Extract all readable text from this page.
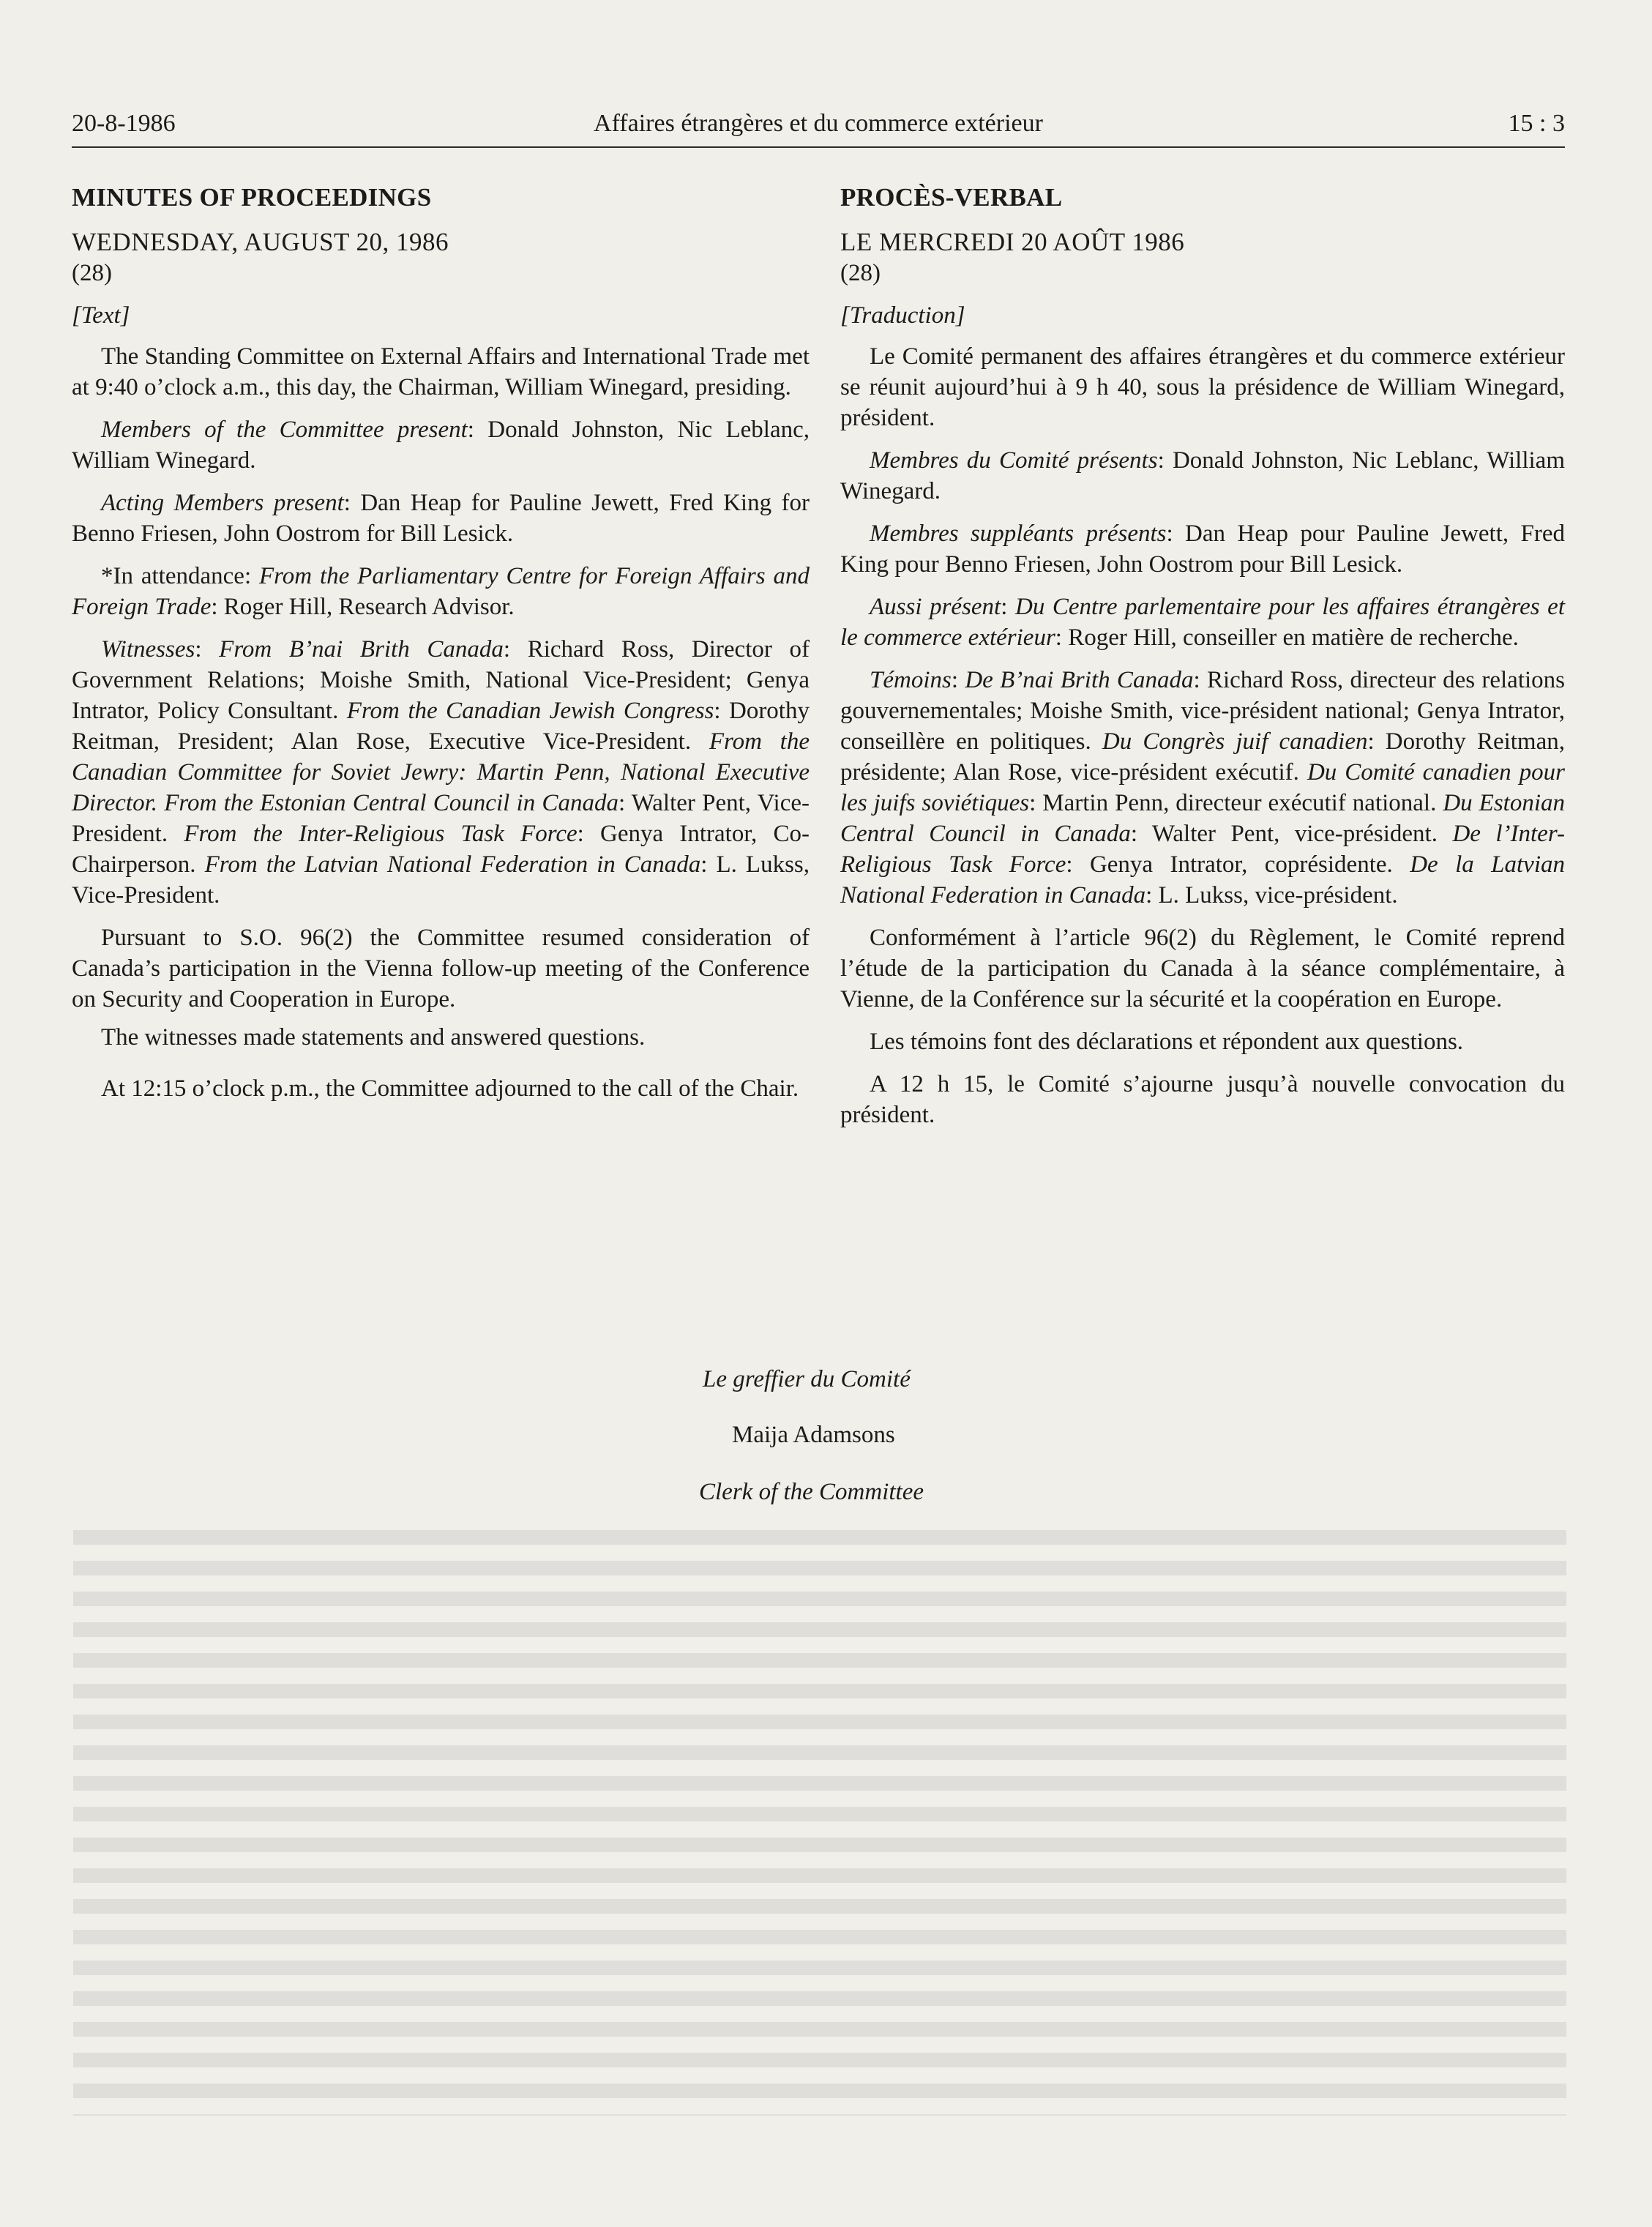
20-8-1986	Affaires étrangères et du commerce extérieur	15 : 3
MINUTES OF PROCEEDINGS

WEDNESDAY, AUGUST 20, 1986

(28)

[Text]

The Standing Committee on External Affairs and International Trade met at 9:40 o’clock a.m., this day, the Chairman, William Winegard, presiding.

Members of the Committee present: Donald Johnston, Nic Leblanc, William Winegard.

Acting Members present: Dan Heap for Pauline Jewett, Fred King for Benno Friesen, John Oostrom for Bill Lesick.

*In attendance: From the Parliamentary Centre for Foreign Affairs and Foreign Trade: Roger Hill, Research Advisor.

Witnesses: From B’nai Brith Canada: Richard Ross, Director of Government Relations; Moishe Smith, National Vice-President; Genya Intrator, Policy Consultant. From the Canadian Jewish Congress: Dorothy Reitman, President; Alan Rose, Executive Vice-President. From the Canadian Committee for Soviet Jewry: Martin Penn, National Executive Director. From the Estonian Central Council in Canada: Walter Pent, Vice-President. From the Inter-Religious Task Force: Genya Intrator, Co-Chairperson. From the Latvian National Federation in Canada: L. Lukss, Vice-President.

Pursuant to S.O. 96(2) the Committee resumed consideration of Canada’s participation in the Vienna follow-up meeting of the Conference on Security and Cooperation in Europe.

The witnesses made statements and answered questions.

At 12:15 o’clock p.m., the Committee adjourned to the call of the Chair.

PROCÈS-VERBAL

LE MERCREDI 20 AOÛT 1986

(28)

[Traduction]

Le Comité permanent des affaires étrangères et du commerce extérieur se réunit aujourd’hui à 9 h 40, sous la présidence de William Winegard, président.

Membres du Comité présents: Donald Johnston, Nic Leblanc, William Winegard.

Membres suppléants présents: Dan Heap pour Pauline Jewett, Fred King pour Benno Friesen, John Oostrom pour Bill Lesick.

Aussi présent: Du Centre parlementaire pour les affaires étrangères et le commerce extérieur: Roger Hill, conseiller en matière de recherche.

Témoins: De B’nai Brith Canada: Richard Ross, directeur des relations gouvernementales; Moishe Smith, vice-président national; Genya Intrator, conseillère en politiques. Du Congrès juif canadien: Dorothy Reitman, présidente; Alan Rose, vice-président exécutif. Du Comité canadien pour les juifs soviétiques: Martin Penn, directeur exécutif national. Du Estonian Central Council in Canada: Walter Pent, vice-président. De l’Inter-Religious Task Force: Genya Intrator, coprésidente. De la Latvian National Federation in Canada: L. Lukss, vice-président.

Conformément à l’article 96(2) du Règlement, le Comité reprend l’étude de la participation du Canada à la séance complémentaire, à Vienne, de la Conférence sur la sécurité et la coopération en Europe.

Les témoins font des déclarations et répondent aux questions.

A 12 h 15, le Comité s’ajourne jusqu’à nouvelle convocation du président.

Le greffier du Comité
Maija Adamsons
Clerk of the Committee
